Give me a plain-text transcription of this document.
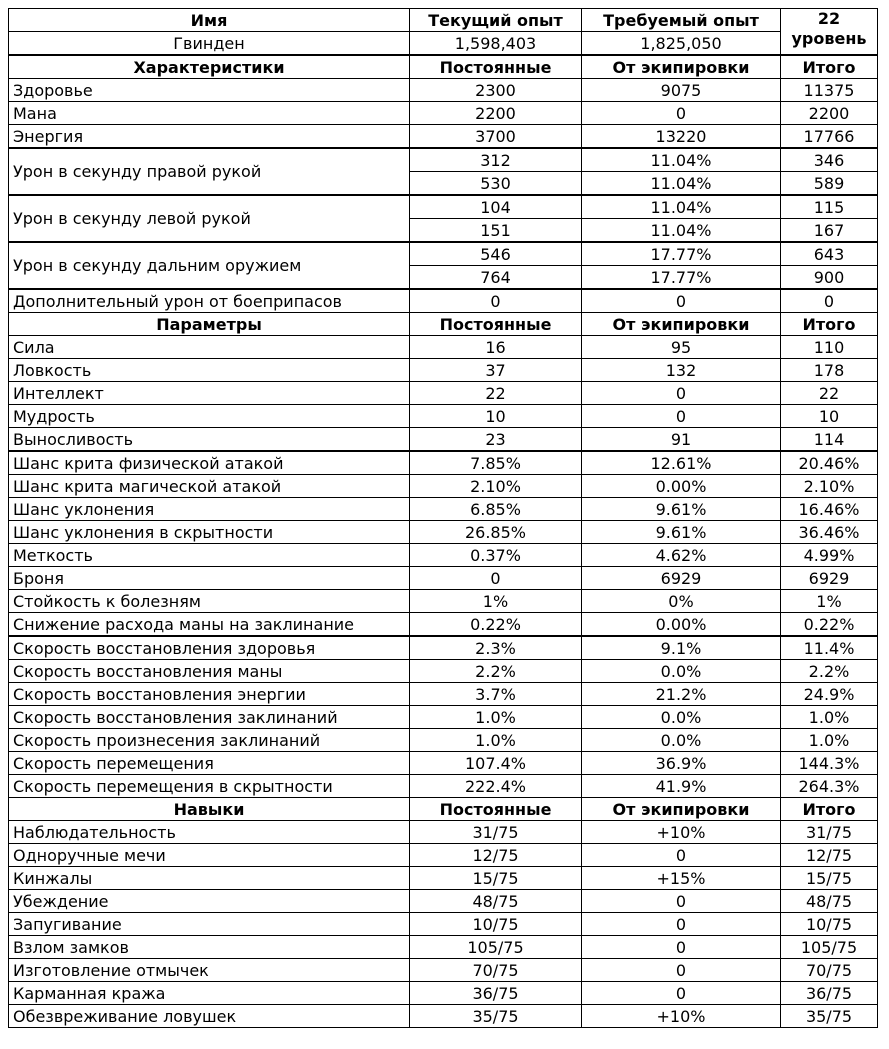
Имя	Текущий опыт	Требуемый опыт	22
уровень
Гвинден	1,598,403	1,825,050	
Характеристики	Постоянные	От экипировки	Итого
Здоровье	2300	9075	11375
Мана	2200	0	2200
Энергия	3700	13220	17766
Урон в секунду правой рукой	312	11.04%	346
	530	11.04%	589
Урон в секунду левой рукой	104	11.04%	115
	151	11.04%	167
Урон в секунду дальним оружием	546	17.77%	643
	764	17.77%	900
Дополнительный урон от боеприпасов	0	0	0
Параметры	Постоянные	От экипировки	Итого
Сила	16	95	110
Ловкость	37	132	178
Интеллект	22	0	22
Мудрость	10	0	10
Выносливость	23	91	114
Шанс крита физической атакой	7.85%	12.61%	20.46%
Шанс крита магической атакой	2.10%	0.00%	2.10%
Шанс уклонения	6.85%	9.61%	16.46%
Шанс уклонения в скрытности	26.85%	9.61%	36.46%
Меткость	0.37%	4.62%	4.99%
Броня	0	6929	6929
Стойкость к болезням	1%	0%	1%
Снижение расхода маны на заклинание	0.22%	0.00%	0.22%
Скорость восстановления здоровья	2.3%	9.1%	11.4%
Скорость восстановления маны	2.2%	0.0%	2.2%
Скорость восстановления энергии	3.7%	21.2%	24.9%
Скорость восстановления заклинаний	1.0%	0.0%	1.0%
Скорость произнесения заклинаний	1.0%	0.0%	1.0%
Скорость перемещения	107.4%	36.9%	144.3%
Скорость перемещения в скрытности	222.4%	41.9%	264.3%
Навыки	Постоянные	От экипировки	Итого
Наблюдательность	31/75	+10%	31/75
Одноручные мечи	12/75	0	12/75
Кинжалы	15/75	+15%	15/75
Убеждение	48/75	0	48/75
Запугивание	10/75	0	10/75
Взлом замков	105/75	0	105/75
Изготовление отмычек	70/75	0	70/75
Карманная кража	36/75	0	36/75
Обезвреживание ловушек	35/75	+10%	35/75
